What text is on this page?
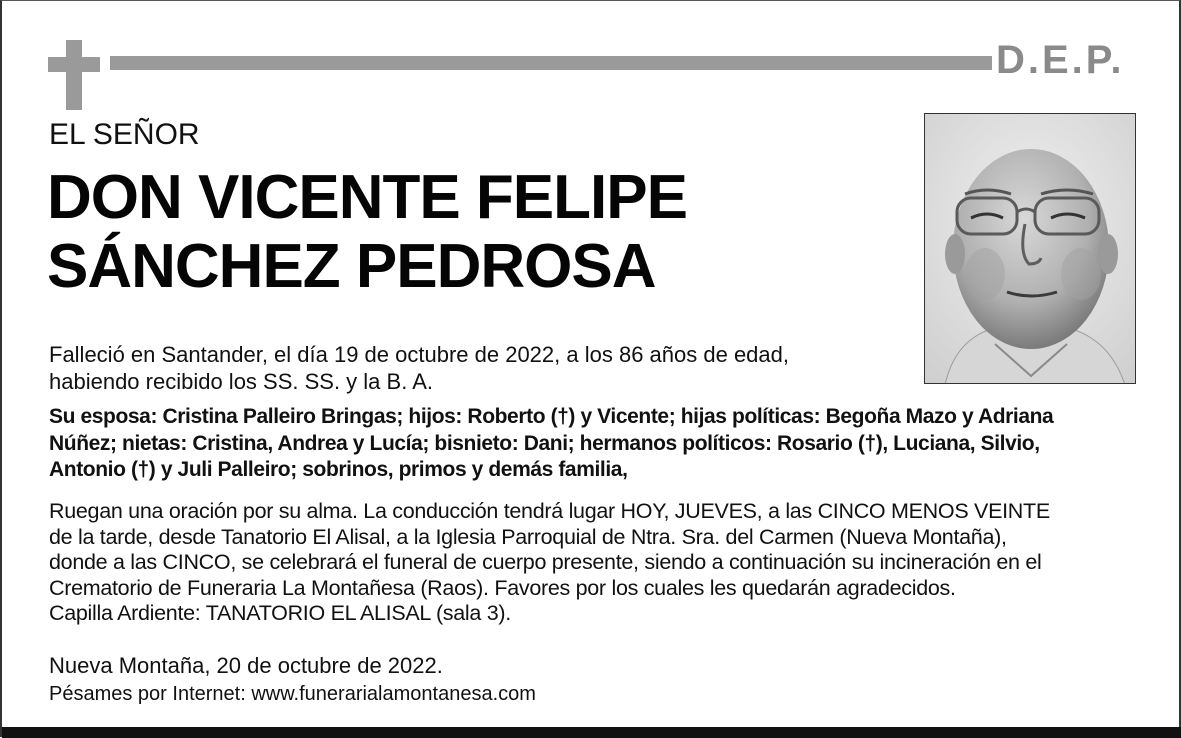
D.E.P.
EL SEÑOR
DON VICENTE FELIPE
SÁNCHEZ PEDROSA
Falleció en Santander, el día 19 de octubre de 2022, a los 86 años de edad,
habiendo recibido los SS. SS. y la B. A.
Su esposa: Cristina Palleiro Bringas; hijos: Roberto (†) y Vicente; hijas políticas: Begoña Mazo y Adriana
Núñez; nietas: Cristina, Andrea y Lucía; bisnieto: Dani; hermanos políticos: Rosario (†), Luciana, Silvio,
Antonio (†) y Juli Palleiro; sobrinos, primos y demás familia,
Ruegan una oración por su alma. La conducción tendrá lugar HOY, JUEVES, a las CINCO MENOS VEINTE
de la tarde, desde Tanatorio El Alisal, a la Iglesia Parroquial de Ntra. Sra. del Carmen (Nueva Montaña),
donde a las CINCO, se celebrará el funeral de cuerpo presente, siendo a continuación su incineración en el
Crematorio de Funeraria La Montañesa (Raos). Favores por los cuales les quedarán agradecidos.
Capilla Ardiente: TANATORIO EL ALISAL (sala 3).
Nueva Montaña, 20 de octubre de 2022.
Pésames por Internet: www.funerarialamontanesa.com
